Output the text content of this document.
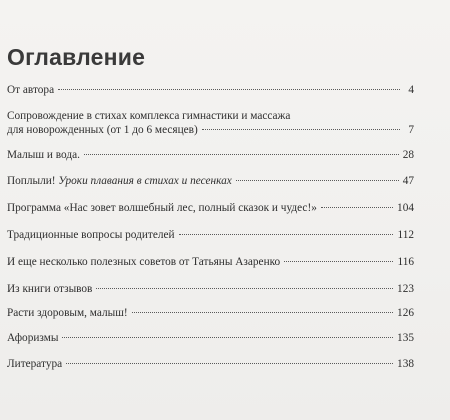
Оглавление
От автора	4
Сопровождение в стихах комплекса гимнастики и массажа
для новорожденных (от 1 до 6 месяцев)	7
Малыш и вода.	28
Поплыли! Уроки плавания в стихах и песенках	47
Программа «Нас зовет волшебный лес, полный сказок и чудес!»	104
Традиционные вопросы родителей	112
И еще несколько полезных советов от Татьяны Азаренко	116
Из книги отзывов	123
Расти здоровым, малыш!	126
Афоризмы	135
Литература	138
